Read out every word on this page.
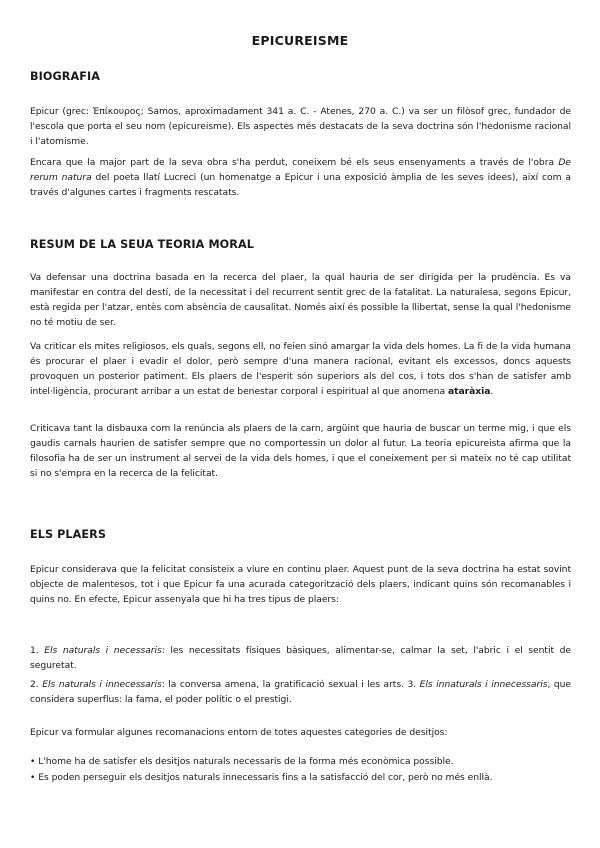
EPICUREISME
BIOGRAFIA
Epicur (grec: Ἐπίκουρος; Samos, aproximadament 341 a. C. - Atenes, 270 a. C.) va ser un filòsof grec, fundador de l'escola que porta el seu nom (epicureisme). Els aspectes més destacats de la seva doctrina són l'hedonisme racional i l'atomisme.
Encara que la major part de la seva obra s'ha perdut, coneixem bé els seus ensenyaments a través de l'obra De rerum natura del poeta llatí Lucreci (un homenatge a Epicur i una exposició àmplia de les seves idees), així com a través d'algunes cartes i fragments rescatats.
RESUM DE LA SEUA TEORIA MORAL
Va defensar una doctrina basada en la recerca del plaer, la qual hauria de ser dirigida per la prudència. Es va manifestar en contra del destí, de la necessitat i del recurrent sentit grec de la fatalitat. La naturalesa, segons Epicur, està regida per l'atzar, entès com absència de causalitat. Només així és possible la llibertat, sense la qual l'hedonisme no té motiu de ser.
Va criticar els mites religiosos, els quals, segons ell, no feien sinó amargar la vida dels homes. La fi de la vida humana és procurar el plaer i evadir el dolor, però sempre d'una manera racional, evitant els excessos, doncs aquests provoquen un posterior patiment. Els plaers de l'esperit són superiors als del cos, i tots dos s'han de satisfer amb intel·ligència, procurant arribar a un estat de benestar corporal i espiritual al que anomena ataràxia.
Criticava tant la disbauxa com la renúncia als plaers de la carn, argüint que hauria de buscar un terme mig, i que els gaudis carnals haurien de satisfer sempre que no comportessin un dolor al futur. La teoria epicureista afirma que la filosofia ha de ser un instrument al servei de la vida dels homes, i que el coneixement per si mateix no té cap utilitat si no s'empra en la recerca de la felicitat.
ELS PLAERS
Epicur considerava que la felicitat consisteix a viure en continu plaer. Aquest punt de la seva doctrina ha estat sovint objecte de malentesos, tot i que Epicur fa una acurada categorització dels plaers, indicant quins són recomanables i quins no. En efecte, Epicur assenyala que hi ha tres tipus de plaers:
1. Els naturals i necessaris: les necessitats físiques bàsiques, alimentar-se, calmar la set, l'abric i el sentit de seguretat.
2. Els naturals i innecessaris: la conversa amena, la gratificació sexual i les arts. 3. Els innaturals i innecessaris, que considera superflus: la fama, el poder polític o el prestigi.
Epicur va formular algunes recomanacions entorn de totes aquestes categories de desitjos:
• L'home ha de satisfer els desitjos naturals necessaris de la forma més econòmica possible.
• Es poden perseguir els desitjos naturals innecessaris fins a la satisfacció del cor, però no més enllà.
